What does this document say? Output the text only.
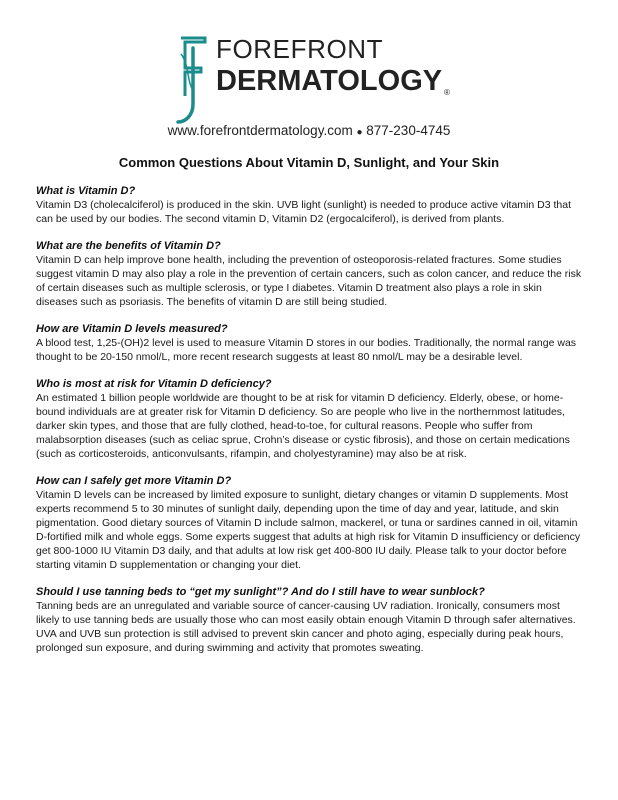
FOREFRONT
DERMATOLOGY ®
www.forefrontdermatology.com ● 877-230-4745
Common Questions About Vitamin D, Sunlight, and Your Skin

What is Vitamin D?

Vitamin D3 (cholecalciferol) is produced in the skin. UVB light (sunlight) is needed to produce active vitamin D3 that can be used by our bodies. The second vitamin D, Vitamin D2 (ergocalciferol), is derived from plants.

What are the benefits of Vitamin D?

Vitamin D can help improve bone health, including the prevention of osteoporosis-related fractures. Some studies suggest vitamin D may also play a role in the prevention of certain cancers, such as colon cancer, and reduce the risk of certain diseases such as multiple sclerosis, or type I diabetes. Vitamin D treatment also plays a role in skin diseases such as psoriasis. The benefits of vitamin D are still being studied.

How are Vitamin D levels measured?

A blood test, 1,25-(OH)2 level is used to measure Vitamin D stores in our bodies. Traditionally, the normal range was thought to be 20-150 nmol/L, more recent research suggests at least 80 nmol/L may be a desirable level.

Who is most at risk for Vitamin D deficiency?

An estimated 1 billion people worldwide are thought to be at risk for vitamin D deficiency. Elderly, obese, or home-bound individuals are at greater risk for Vitamin D deficiency. So are people who live in the northernmost latitudes, darker skin types, and those that are fully clothed, head-to-toe, for cultural reasons. People who suffer from malabsorption diseases (such as celiac sprue, Crohn’s disease or cystic fibrosis), and those on certain medications (such as corticosteroids, anticonvulsants, rifampin, and cholyestyramine) may also be at risk.

How can I safely get more Vitamin D?

Vitamin D levels can be increased by limited exposure to sunlight, dietary changes or vitamin D supplements. Most experts recommend 5 to 30 minutes of sunlight daily, depending upon the time of day and year, latitude, and skin pigmentation. Good dietary sources of Vitamin D include salmon, mackerel, or tuna or sardines canned in oil, vitamin D-fortified milk and whole eggs. Some experts suggest that adults at high risk for Vitamin D insufficiency or deficiency get 800-1000 IU Vitamin D3 daily, and that adults at low risk get 400-800 IU daily. Please talk to your doctor before starting vitamin D supplementation or changing your diet.

Should I use tanning beds to “get my sunlight”? And do I still have to wear sunblock?

Tanning beds are an unregulated and variable source of cancer-causing UV radiation. Ironically, consumers most likely to use tanning beds are usually those who can most easily obtain enough Vitamin D through safer alternatives. UVA and UVB sun protection is still advised to prevent skin cancer and photo aging, especially during peak hours, prolonged sun exposure, and during swimming and activity that promotes sweating.
